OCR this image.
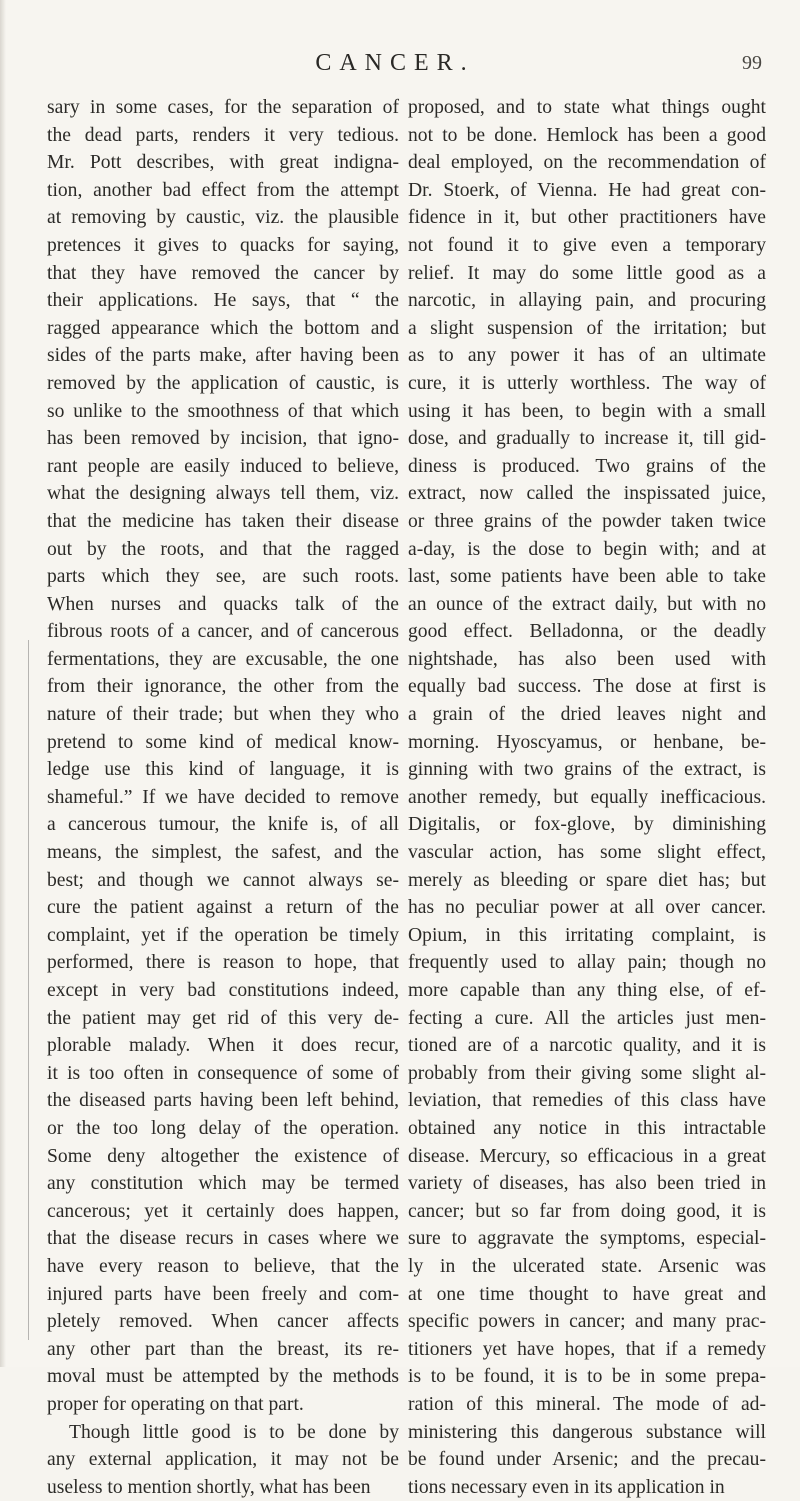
CANCER.	99
sary in some cases, for the separation of
the dead parts, renders it very tedious.
Mr. Pott describes, with great indigna-
tion, another bad effect from the attempt
at removing by caustic, viz. the plausible
pretences it gives to quacks for saying,
that they have removed the cancer by
their applications. He says, that “ the
ragged appearance which the bottom and
sides of the parts make, after having been
removed by the application of caustic, is
so unlike to the smoothness of that which
has been removed by incision, that igno-
rant people are easily induced to believe,
what the designing always tell them, viz.
that the medicine has taken their disease
out by the roots, and that the ragged
parts which they see, are such roots.
When nurses and quacks talk of the
fibrous roots of a cancer, and of cancerous
fermentations, they are excusable, the one
from their ignorance, the other from the
nature of their trade; but when they who
pretend to some kind of medical know-
ledge use this kind of language, it is
shameful.” If we have decided to remove
a cancerous tumour, the knife is, of all
means, the simplest, the safest, and the
best; and though we cannot always se-
cure the patient against a return of the
complaint, yet if the operation be timely
performed, there is reason to hope, that
except in very bad constitutions indeed,
the patient may get rid of this very de-
plorable malady. When it does recur,
it is too often in consequence of some of
the diseased parts having been left behind,
or the too long delay of the operation.
Some deny altogether the existence of
any constitution which may be termed
cancerous; yet it certainly does happen,
that the disease recurs in cases where we
have every reason to believe, that the
injured parts have been freely and com-
pletely removed. When cancer affects
any other part than the breast, its re-
moval must be attempted by the methods
proper for operating on that part.
Though little good is to be done by
any external application, it may not be
useless to mention shortly, what has been
proposed, and to state what things ought
not to be done. Hemlock has been a good
deal employed, on the recommendation of
Dr. Stoerk, of Vienna. He had great con-
fidence in it, but other practitioners have
not found it to give even a temporary
relief. It may do some little good as a
narcotic, in allaying pain, and procuring
a slight suspension of the irritation; but
as to any power it has of an ultimate
cure, it is utterly worthless. The way of
using it has been, to begin with a small
dose, and gradually to increase it, till gid-
diness is produced. Two grains of the
extract, now called the inspissated juice,
or three grains of the powder taken twice
a-day, is the dose to begin with; and at
last, some patients have been able to take
an ounce of the extract daily, but with no
good effect. Belladonna, or the deadly
nightshade, has also been used with
equally bad success. The dose at first is
a grain of the dried leaves night and
morning. Hyoscyamus, or henbane, be-
ginning with two grains of the extract, is
another remedy, but equally inefficacious.
Digitalis, or fox-glove, by diminishing
vascular action, has some slight effect,
merely as bleeding or spare diet has; but
has no peculiar power at all over cancer.
Opium, in this irritating complaint, is
frequently used to allay pain; though no
more capable than any thing else, of ef-
fecting a cure. All the articles just men-
tioned are of a narcotic quality, and it is
probably from their giving some slight al-
leviation, that remedies of this class have
obtained any notice in this intractable
disease. Mercury, so efficacious in a great
variety of diseases, has also been tried in
cancer; but so far from doing good, it is
sure to aggravate the symptoms, especial-
ly in the ulcerated state. Arsenic was
at one time thought to have great and
specific powers in cancer; and many prac-
titioners yet have hopes, that if a remedy
is to be found, it is to be in some prepa-
ration of this mineral. The mode of ad-
ministering this dangerous substance will
be found under Arsenic; and the precau-
tions necessary even in its application in
